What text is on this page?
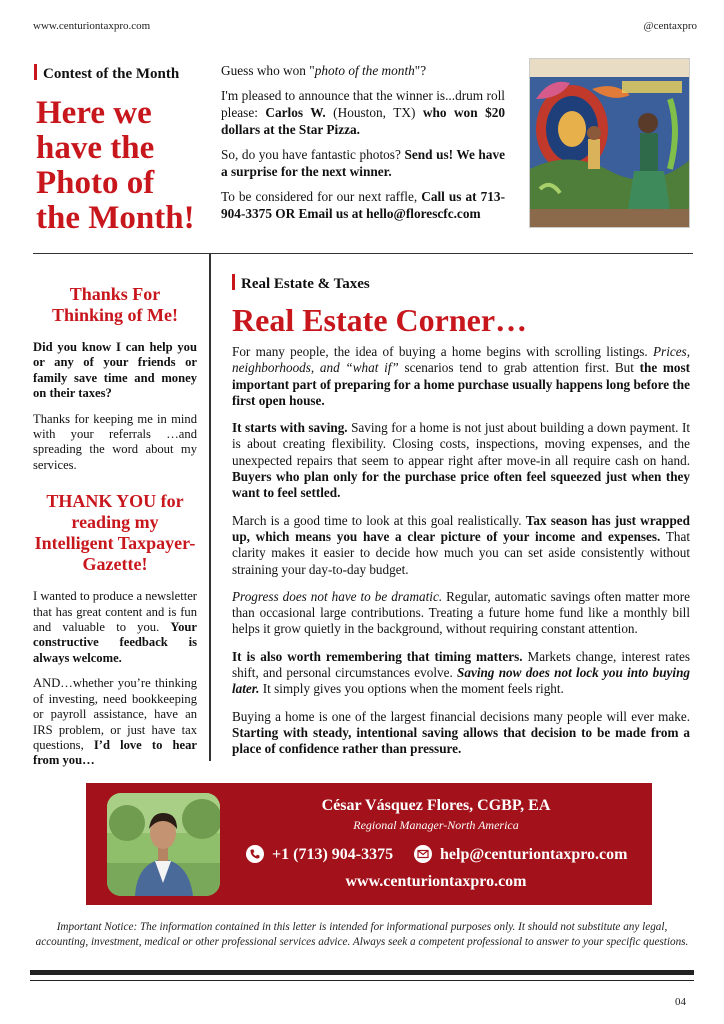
www.centuriontaxpro.com	@centaxpro
Contest of the Month
Here we
have the
Photo of
the Month!

Guess who won "photo of the month"?

I'm pleased to announce that the winner is...drum roll please: Carlos W. (Houston, TX) who won $20 dollars at the Star Pizza.

So, do you have fantastic photos? Send us! We have a surprise for the next winner.

To be considered for our next raffle, Call us at 713-904-3375 OR Email us at hello@florescfc.com

Thanks For Thinking of Me!

Did you know I can help you or any of your friends or family save time and money on their taxes?

Thanks for keeping me in mind with your referrals …and spreading the word about my services.

THANK YOU for reading my Intelligent Taxpayer-Gazette!

I wanted to produce a newsletter that has great content and is fun and valuable to you. Your constructive feedback is always welcome.

AND…whether you’re thinking of investing, need bookkeeping or payroll assistance, have an IRS problem, or just have tax questions, I’d love to hear from you…

Real Estate & Taxes
Real Estate Corner…

For many people, the idea of buying a home begins with scrolling listings. Prices, neighborhoods, and “what if” scenarios tend to grab attention first. But the most important part of preparing for a home purchase usually happens long before the first open house.

It starts with saving. Saving for a home is not just about building a down payment. It is about creating flexibility. Closing costs, inspections, moving expenses, and the unexpected repairs that seem to appear right after move-in all require cash on hand. Buyers who plan only for the purchase price often feel squeezed just when they want to feel settled.

March is a good time to look at this goal realistically. Tax season has just wrapped up, which means you have a clear picture of your income and expenses. That clarity makes it easier to decide how much you can set aside consistently without straining your day-to-day budget.

Progress does not have to be dramatic. Regular, automatic savings often matter more than occasional large contributions. Treating a future home fund like a monthly bill helps it grow quietly in the background, without requiring constant attention.

It is also worth remembering that timing matters. Markets change, interest rates shift, and personal circumstances evolve. Saving now does not lock you into buying later. It simply gives you options when the moment feels right.

Buying a home is one of the largest financial decisions many people will ever make. Starting with steady, intentional saving allows that decision to be made from a place of confidence rather than pressure.

César Vásquez Flores, CGBP, EA
Regional Manager-North America
+1 (713) 904-3375	help@centuriontaxpro.com
www.centuriontaxpro.com
Important Notice: The information contained in this letter is intended for informational purposes only. It should not substitute any legal, accounting, investment, medical or other professional services advice. Always seek a competent professional to answer to your specific questions.
04
